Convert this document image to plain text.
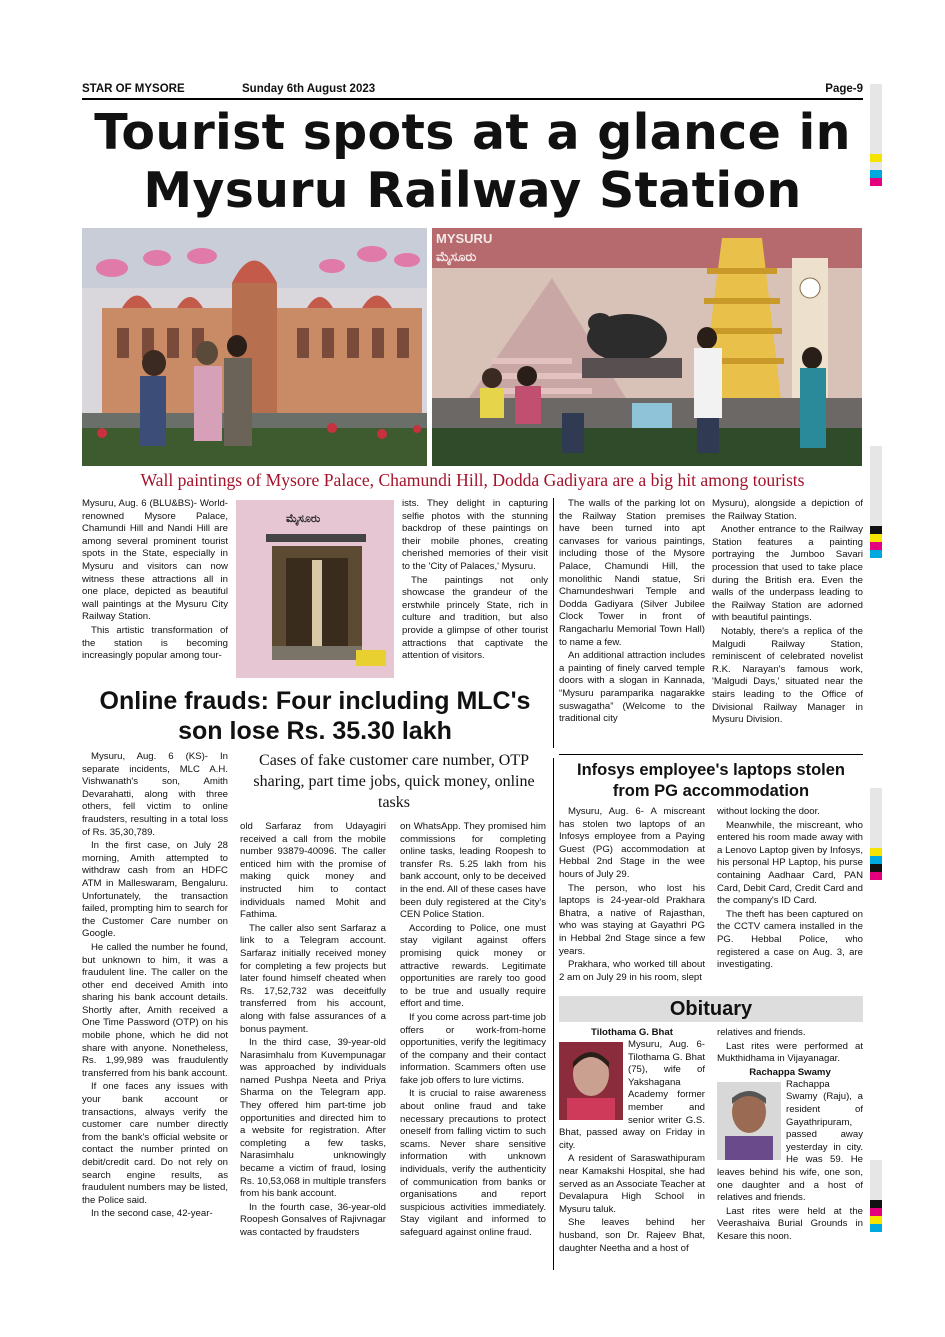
STAR OF MYSORE	Sunday 6th August 2023	Page-9
Tourist spots at a glance in
Mysuru Railway Station
MYSURU
ಮೈಸೂರು
Wall paintings of Mysore Palace, Chamundi Hill, Dodda Gadiyara are a big hit among tourists

Mysuru, Aug. 6 (BLU&BS)- World-renowned Mysore Palace, Chamundi Hill and Nandi Hill are among several prominent tourist spots in the State, especially in Mysuru and visitors can now witness these attractions all in one place, depicted as beautiful wall paintings at the Mysuru City Railway Station.

This artistic transformation of the station is becoming increasingly popular among tour-

ಮೈಸೂರು

ists. They delight in capturing selfie photos with the stunning backdrop of these paintings on their mobile phones, creating cherished memories of their visit to the 'City of Palaces,' Mysuru.

The paintings not only showcase the grandeur of the erstwhile princely State, rich in culture and tradition, but also provide a glimpse of other tourist attractions that captivate the attention of visitors.

The walls of the parking lot on the Railway Station premises have been turned into apt canvases for various paintings, including those of the Mysore Palace, Chamundi Hill, the monolithic Nandi statue, Sri Chamundeshwari Temple and Dodda Gadiyara (Silver Jubilee Clock Tower in front of Rangacharlu Memorial Town Hall) to name a few.

An additional attraction includes a painting of finely carved temple doors with a slogan in Kannada, “Mysuru paramparika nagarakke suswagatha” (Welcome to the traditional city

Mysuru), alongside a depiction of the Railway Station.

Another entrance to the Railway Station features a painting portraying the Jumboo Savari procession that used to take place during the British era. Even the walls of the underpass leading to the Railway Station are adorned with beautiful paintings.

Notably, there's a replica of the Malgudi Railway Station, reminiscent of celebrated novelist R.K. Narayan's famous work, 'Malgudi Days,' situated near the stairs leading to the Office of Divisional Railway Manager in Mysuru Division.

Online frauds: Four including MLC's
son lose Rs. 35.30 lakh

Mysuru, Aug. 6 (KS)- In separate incidents, MLC A.H. Vishwanath's son, Amith Devarahatti, along with three others, fell victim to online fraudsters, resulting in a total loss of Rs. 35,30,789.

In the first case, on July 28 morning, Amith attempted to withdraw cash from an HDFC ATM in Malleswaram, Bengaluru. Unfortunately, the transaction failed, prompting him to search for the Customer Care number on Google.

He called the number he found, but unknown to him, it was a fraudulent line. The caller on the other end deceived Amith into sharing his bank account details. Shortly after, Amith received a One Time Password (OTP) on his mobile phone, which he did not share with anyone. Nonetheless, Rs. 1,99,989 was fraudulently transferred from his bank account.

If one faces any issues with your bank account or transactions, always verify the customer care number directly from the bank's official website or contact the number printed on debit/credit card. Do not rely on search engine results, as fraudulent numbers may be listed, the Police said.

In the second case, 42-year-

Cases of fake customer care number, OTP sharing, part time jobs, quick money, online tasks

old Sarfaraz from Udayagiri received a call from the mobile number 93879-40096. The caller enticed him with the promise of making quick money and instructed him to contact individuals named Mohit and Fathima.

The caller also sent Sarfaraz a link to a Telegram account. Sarfaraz initially received money for completing a few projects but later found himself cheated when Rs. 17,52,732 was deceitfully transferred from his account, along with false assurances of a bonus payment.

In the third case, 39-year-old Narasimhalu from Kuvempunagar was approached by individuals named Pushpa Neeta and Priya Sharma on the Telegram app. They offered him part-time job opportunities and directed him to a website for registration. After completing a few tasks, Narasimhalu unknowingly became a victim of fraud, losing Rs. 10,53,068 in multiple transfers from his bank account.

In the fourth case, 36-year-old Roopesh Gonsalves of Rajivnagar was contacted by fraudsters

on WhatsApp. They promised him commissions for completing online tasks, leading Roopesh to transfer Rs. 5.25 lakh from his bank account, only to be deceived in the end. All of these cases have been duly registered at the City's CEN Police Station.

According to Police, one must stay vigilant against offers promising quick money or attractive rewards. Legitimate opportunities are rarely too good to be true and usually require effort and time.

If you come across part-time job offers or work-from-home opportunities, verify the legitimacy of the company and their contact information. Scammers often use fake job offers to lure victims.

It is crucial to raise awareness about online fraud and take necessary precautions to protect oneself from falling victim to such scams. Never share sensitive information with unknown individuals, verify the authenticity of communication from banks or organisations and report suspicious activities immediately. Stay vigilant and informed to safeguard against online fraud.

Infosys employee's laptops stolen
from PG accommodation

Mysuru, Aug. 6- A miscreant has stolen two laptops of an Infosys employee from a Paying Guest (PG) accommodation at Hebbal 2nd Stage in the wee hours of July 29.

The person, who lost his laptops is 24-year-old Prakhara Bhatra, a native of Rajasthan, who was staying at Gayathri PG in Hebbal 2nd Stage since a few years.

Prakhara, who worked till about 2 am on July 29 in his room, slept

without locking the door.

Meanwhile, the miscreant, who entered his room made away with a Lenovo Laptop given by Infosys, his personal HP Laptop, his purse containing Aadhaar Card, PAN Card, Debit Card, Credit Card and the company's ID Card.

The theft has been captured on the CCTV camera installed in the PG. Hebbal Police, who registered a case on Aug. 3, are investigating.

Obituary
Tilothama G. Bhat

Mysuru, Aug. 6- Tilothama G. Bhat (75), wife of Yakshagana Academy former member and senior writer G.S. Bhat, passed away on Friday in city.

A resident of Saraswathipuram near Kamakshi Hospital, she had served as an Associate Teacher at Devalapura High School in Mysuru taluk.

She leaves behind her husband, son Dr. Rajeev Bhat, daughter Neetha and a host of

relatives and friends.

Last rites were performed at Mukthidhama in Vijayanagar.

Rachappa Swamy

Rachappa Swamy (Raju), a resident of Gayathripuram, passed away yesterday in city. He was 59. He leaves behind his wife, one son, one daughter and a host of relatives and friends.

Last rites were held at the Veerashaiva Burial Grounds in Kesare this noon.
